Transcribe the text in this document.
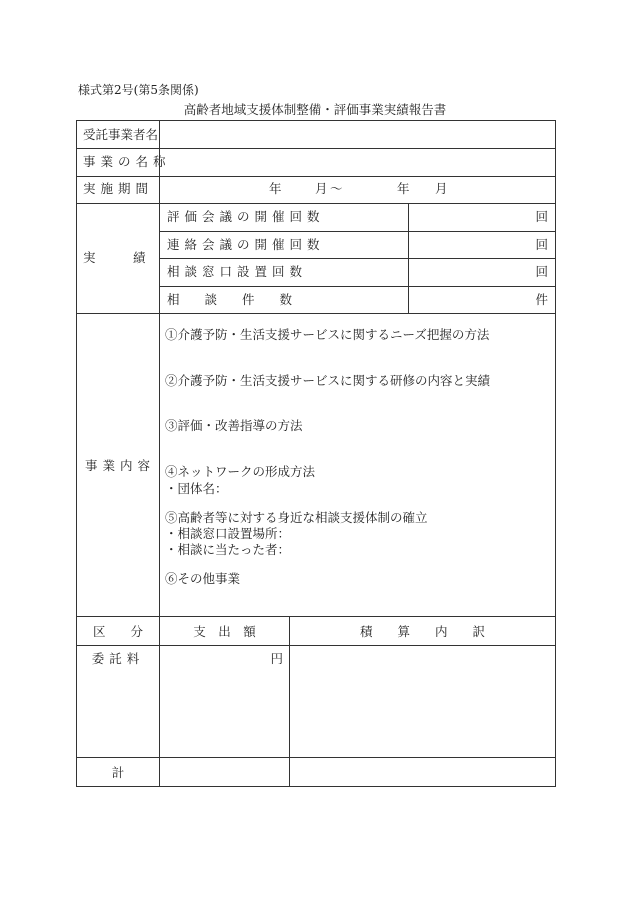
様式第2号(第5条関係)
高齢者地域支援体制整備・評価事業実績報告書
受託事業者名
事業の名称
実施期間	年	月 〜	年 月
実　　　績
評価会議の開催回数	回
連絡会議の開催回数	回
相談窓口設置回数	回
相　　談　　件　　数	件
事業内容
①介護予防・生活支援サービスに関するニーズ把握の方法
②介護予防・生活支援サービスに関する研修の内容と実績
③評価・改善指導の方法
④ネットワークの形成方法
・団体名：
⑤高齢者等に対する身近な相談支援体制の確立
・相談窓口設置場所：
・相談に当たった者：
⑥その他事業
区　　分	支　出　額	積　　算　　内　　訳
委託料	円
計
